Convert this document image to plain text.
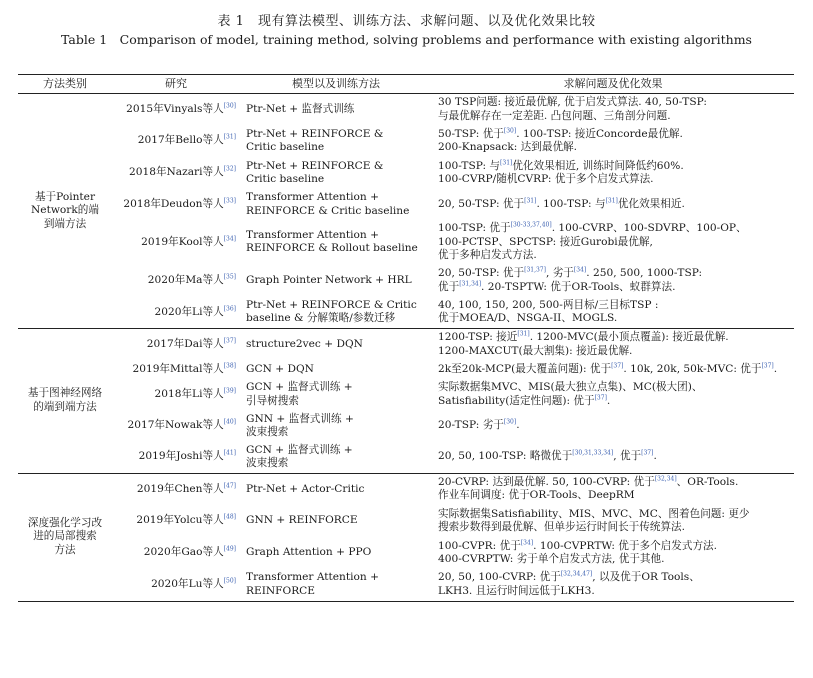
表 1　现有算法模型、训练方法、求解问题、以及优化效果比较
Table 1　Comparison of model, training method, solving problems and performance with existing algorithms
方法类别	研究	模型以及训练方法	求解问题及优化效果
基于Pointer
Network的端
到端方法	2015年Vinyals等人[30]	Ptr-Net + 监督式训练	30 TSP问题: 接近最优解, 优于启发式算法. 40, 50-TSP:
与最优解存在一定差距. 凸包问题、三角剖分问题.
	2017年Bello等人[31]	Ptr-Net + REINFORCE &
Critic baseline	50-TSP: 优于[30]. 100-TSP: 接近Concorde最优解.
200-Knapsack: 达到最优解.
	2018年Nazari等人[32]	Ptr-Net + REINFORCE &
Critic baseline	100-TSP: 与[31]优化效果相近, 训练时间降低约60%.
100-CVRP/随机CVRP: 优于多个启发式算法.
	2018年Deudon等人[33]	Transformer Attention +
REINFORCE & Critic baseline	20, 50-TSP: 优于[31]. 100-TSP: 与[31]优化效果相近.
	2019年Kool等人[34]	Transformer Attention +
REINFORCE & Rollout baseline	100-TSP: 优于[30-33,37,40]. 100-CVRP、100-SDVRP、100-OP、
100-PCTSP、SPCTSP: 接近Gurobi最优解,
优于多种启发式方法.
	2020年Ma等人[35]	Graph Pointer Network + HRL	20, 50-TSP: 优于[31,37], 劣于[34]. 250, 500, 1000-TSP:
优于[31,34]. 20-TSPTW: 优于OR-Tools、蚁群算法.
	2020年Li等人[36]	Ptr-Net + REINFORCE & Critic
baseline & 分解策略/参数迁移	40, 100, 150, 200, 500-两目标/三目标TSP :
优于MOEA/D、NSGA-II、MOGLS.
基于图神经网络
的端到端方法	2017年Dai等人[37]	structure2vec + DQN	1200-TSP: 接近[31]. 1200-MVC(最小顶点覆盖): 接近最优解.
1200-MAXCUT(最大割集): 接近最优解.
	2019年Mittal等人[38]	GCN + DQN	2k至20k-MCP(最大覆盖问题): 优于[37]. 10k, 20k, 50k-MVC: 优于[37].
	2018年Li等人[39]	GCN + 监督式训练 +
引导树搜索	实际数据集MVC、MIS(最大独立点集)、MC(极大团)、
Satisfiability(适定性问题): 优于[37].
	2017年Nowak等人[40]	GNN + 监督式训练 +
波束搜索	20-TSP: 劣于[30].
	2019年Joshi等人[41]	GCN + 监督式训练 +
波束搜索	20, 50, 100-TSP: 略微优于[30,31,33,34], 优于[37].
深度强化学习改
进的局部搜索
方法	2019年Chen等人[47]	Ptr-Net + Actor-Critic	20-CVRP: 达到最优解. 50, 100-CVRP: 优于[32,34]、OR-Tools.
作业车间调度: 优于OR-Tools、DeepRM
	2019年Yolcu等人[48]	GNN + REINFORCE	实际数据集Satisfiability、MIS、MVC、MC、图着色问题: 更少
搜索步数得到最优解、但单步运行时间长于传统算法.
	2020年Gao等人[49]	Graph Attention + PPO	100-CVPR: 优于[34]. 100-CVPRTW: 优于多个启发式方法.
400-CVRPTW: 劣于单个启发式方法, 优于其他.
	2020年Lu等人[50]	Transformer Attention +
REINFORCE	20, 50, 100-CVRP: 优于[32,34,47], 以及优于OR Tools、
LKH3. 且运行时间远低于LKH3.
